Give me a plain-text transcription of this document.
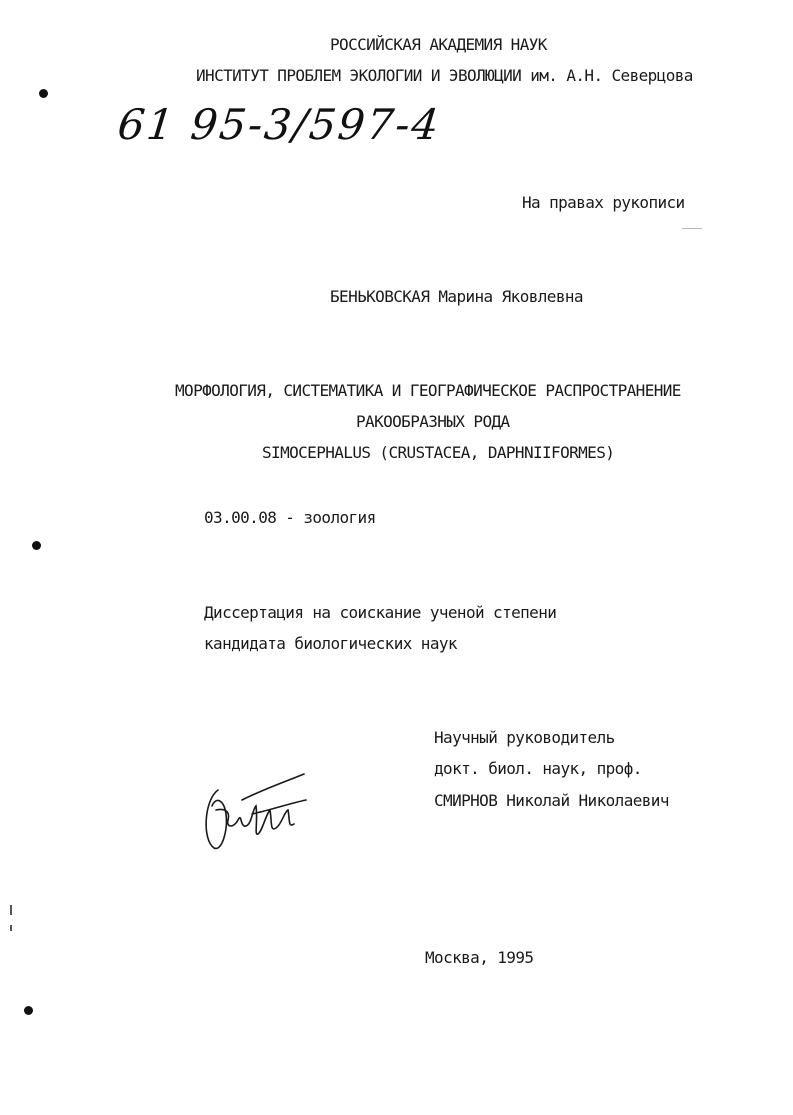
РОССИЙСКАЯ АКАДЕМИЯ НАУК
ИНСТИТУТ ПРОБЛЕМ ЭКОЛОГИИ И ЭВОЛЮЦИИ им. А.Н. Северцова
61 95-3/597-4
На правах рукописи
БЕНЬКОВСКАЯ Марина Яковлевна
МОРФОЛОГИЯ, СИСТЕМАТИКА И ГЕОГРАФИЧЕСКОЕ РАСПРОСТРАНЕНИЕ
РАКООБРАЗНЫХ РОДА
SIMOCEPHALUS (CRUSTACEA, DAPHNIIFORMES)
03.00.08 - зоология
Диссертация на соискание ученой степени
кандидата биологических наук
Научный руководитель
докт. биол. наук, проф.
СМИРНОВ Николай Николаевич
Москва, 1995
